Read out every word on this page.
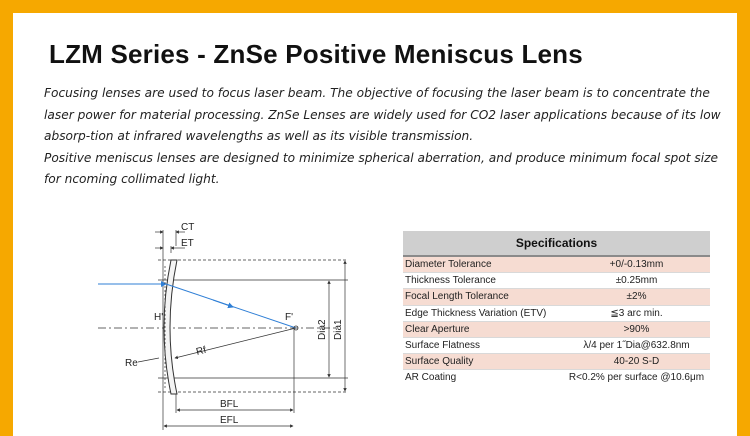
LZM Series - ZnSe Positive Meniscus Lens

Focusing lenses are used to focus laser beam. The objective of focusing the laser beam is to concentrate the laser power for material processing. ZnSe Lenses are widely used for CO2 laser applications because of its low absorp-tion at infrared wavelengths as well as its visible transmission.

Positive meniscus lenses are designed to minimize spherical aberration, and produce minimum focal spot size for ncoming collimated light.

CT
ET
F'
H'
Rf
Re
Dia2 Dia1
BFL
EFL
Specifications	
Diameter Tolerance	+0/-0.13mm
Thickness Tolerance	±0.25mm
Focal Length Tolerance	±2%
Edge Thickness Variation (ETV)	≦3 arc min.
Clear Aperture	>90%
Surface Flatness	λ/4 per 1˝Dia@632.8nm
Surface Quality	40-20 S-D
AR Coating	R<0.2% per surface @10.6μm
